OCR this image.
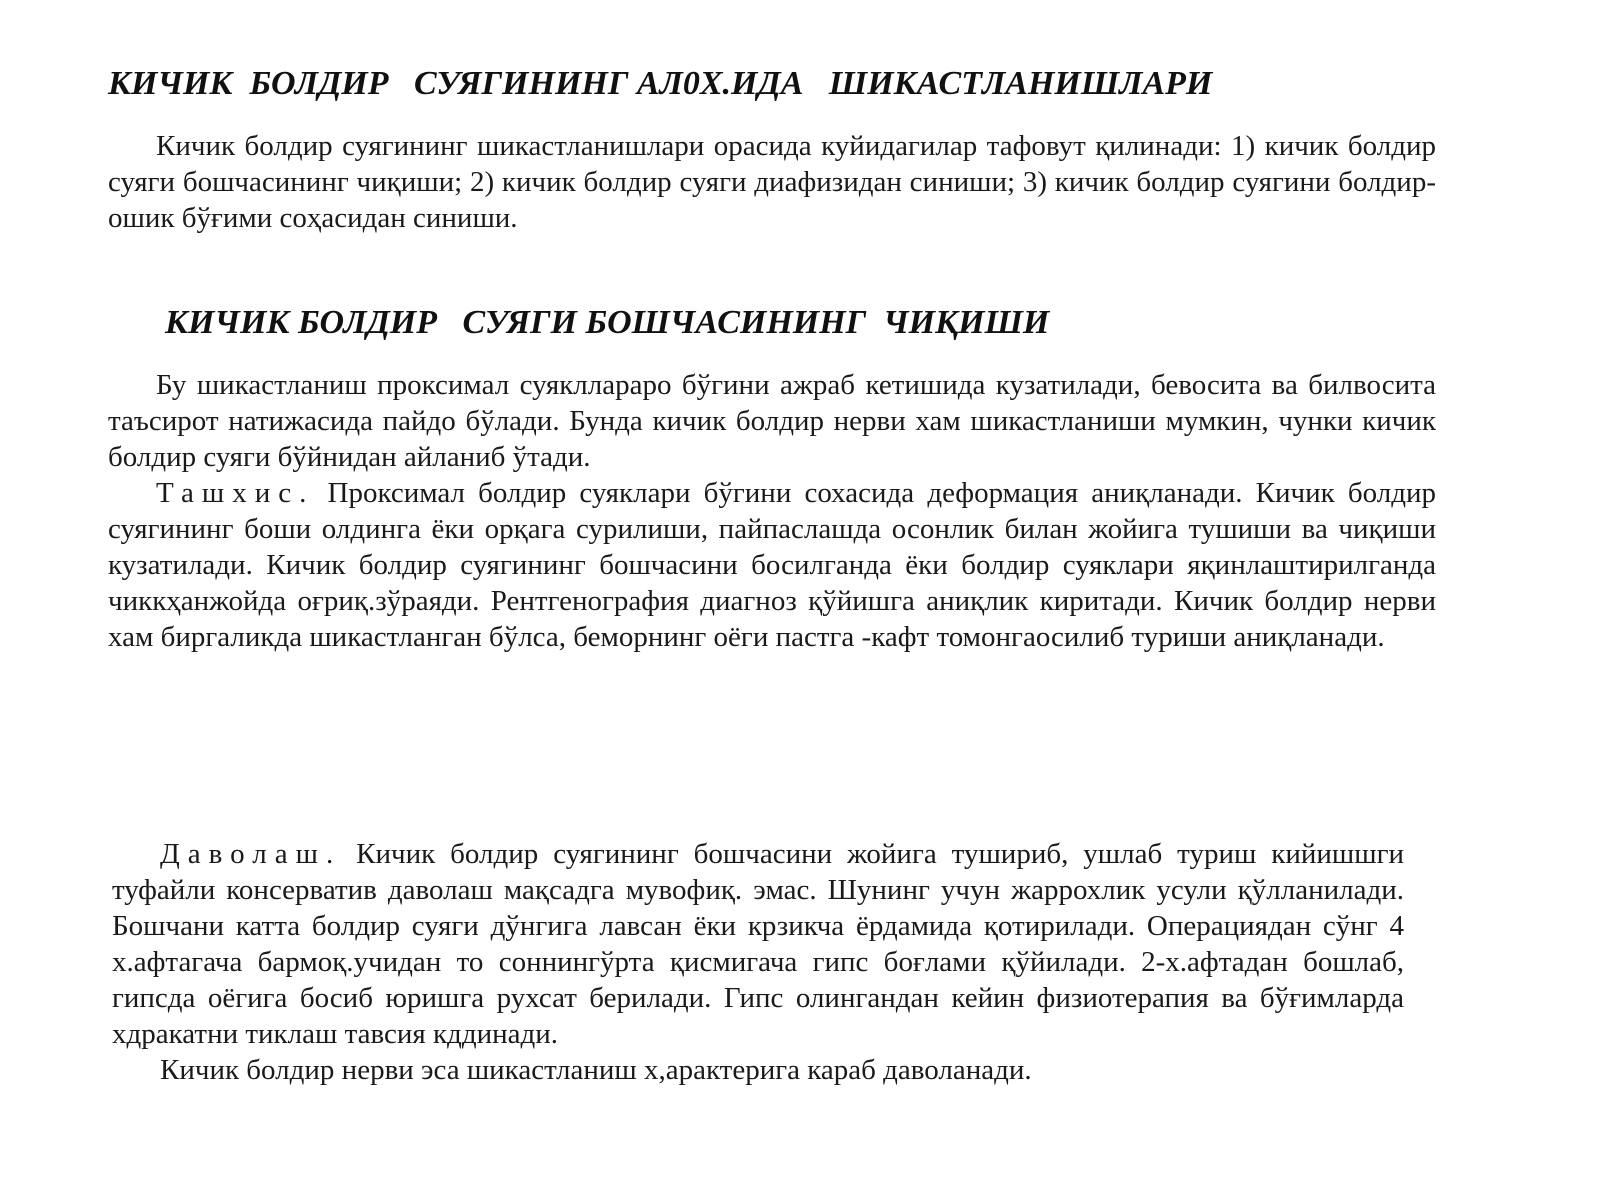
КИЧИК  БОЛДИР   СУЯГИНИНГ АЛ0Х.ИДА   ШИКАСТЛАНИШЛАРИ

Кичик болдир суягининг шикастланишлари орасида куйидагилар тафовут қилинади: 1) кичик болдир суяги бошчасининг чиқиши; 2) кичик болдир суяги диафизидан синиши; 3) кичик болдир суягини болдир-ошик бўғими соҳасидан синиши.

КИЧИК БОЛДИР   СУЯГИ БОШЧАСИНИНГ  ЧИҚИШИ

Бу шикастланиш проксимал суякллараро бўгини ажраб кетишида кузатилади, бевосита ва билвосита таъсирот натижасида пайдо бўлади. Бунда кичик болдир нерви хам шикастланиши мумкин, чунки кичик болдир суяги бўйнидан айланиб ўтади.

Ташхис. Проксимал болдир суяклари бўгини сохасида деформация аниқланади. Кичик болдир суягининг боши олдинга ёки орқага сурилиши, пайпаслашда осонлик билан жойига тушиши ва чиқиши кузатилади. Кичик болдир суягининг бошчасини босилганда ёки болдир суяклари яқинлаштирилганда чиккҳанжойда оғриқ.зўраяди. Рентгенография диагноз қўйишга аниқлик киритади. Кичик болдир нерви хам биргаликда шикастланган бўлса, беморнинг оёги пастга -кафт томонгаосилиб туриши аниқланади.

Даволаш. Кичик болдир суягининг бошчасини жойига тушириб, ушлаб туриш кийишшги туфайли консерватив даволаш мақсадга мувофиқ. эмас. Шунинг учун жаррохлик усули қўлланилади. Бошчани катта болдир суяги дўнгига лавсан ёки крзикча ёрдамида қотирилади. Операциядан сўнг 4 х.афтагача бармоқ.учидан то соннингўрта қисмигача гипс боғлами қўйилади. 2-х.афтадан бошлаб, гипсда оёгига босиб юришга рухсат берилади. Гипс олингандан кейин физиотерапия ва бўғимларда хдракатни тиклаш тавсия кддинади.

Кичик болдир нерви эса шикастланиш х,арактерига караб даволанади.
